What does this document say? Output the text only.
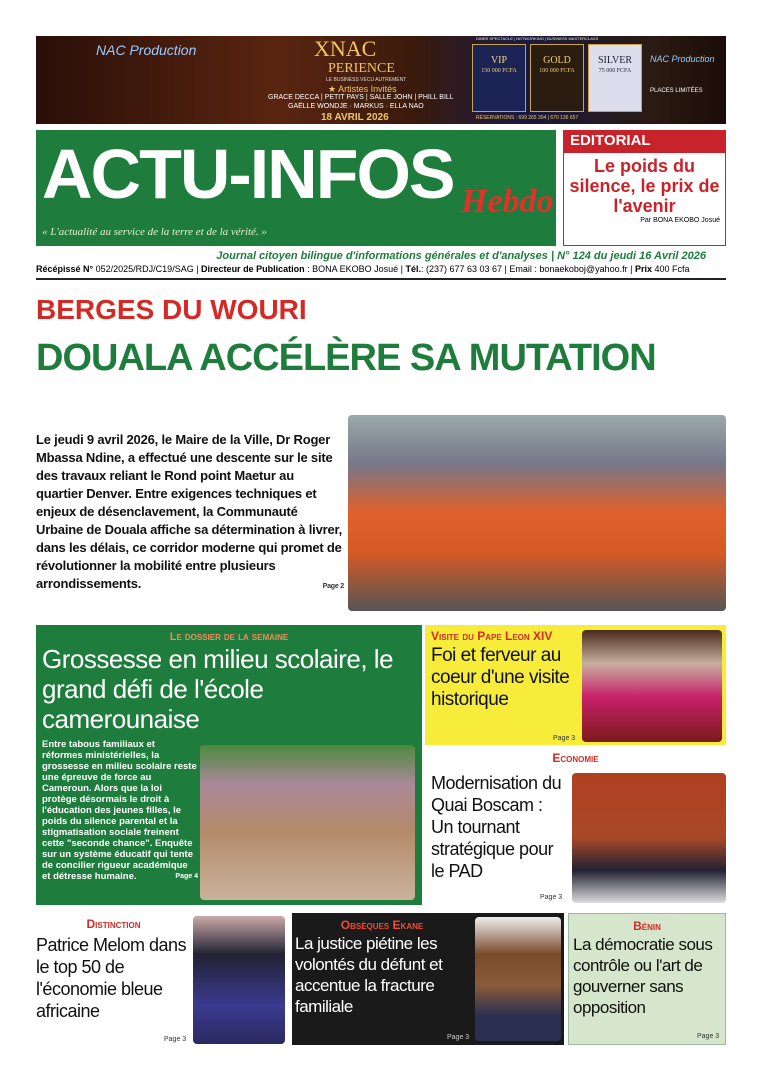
NAC Production	XNAC
PERIENCE
LE BUSINESS VECU AUTREMENT
★ Artistes Invités
GRACE DECCA | PETIT PAYS | SALLE JOHN | PHILL BILL
GAËLLE WONDJE · MARKUS · ELLA NAO
18 AVRIL 2026
DINER SPECTACLE | NETWORKING | BUSINESS MASTERCLASS
VIP
150 000 FCFA
GOLD
100 000 FCFA
SILVER
75 000 FCFA
RÉSERVATIONS : 699 265 304 | 670 136 657
NAC Production
PLACES LIMITÉES
ACTU-INFOS Hebdo
« L'actualité au service de la terre et de la vérité. »
EDITORIAL
Le poids du silence, le prix de l'avenir
Par BONA EKOBO Josué
Journal citoyen bilingue d'informations générales et d'analyses | N° 124 du jeudi 16 Avril 2026
Récépissé N° 052/2025/RDJ/C19/SAG | Directeur de Publication : BONA EKOBO Josué | Tél.: (237) 677 63 03 67 | Email : bonaekoboj@yahoo.fr | Prix 400 Fcfa
BERGES DU WOURI
DOUALA ACCÉLÈRE SA MUTATION
Le jeudi 9 avril 2026, le Maire de la Ville, Dr Roger Mbassa Ndine, a effectué une descente sur le site des travaux reliant le Rond point Maetur au quartier Denver. Entre exigences techniques et enjeux de désenclavement, la Communauté Urbaine de Douala affiche sa détermination à livrer, dans les délais, ce corridor moderne qui promet de révolutionner la mobilité entre plusieurs arrondissements.	Page 2
Le dossier de la semaine
Grossesse en milieu scolaire, le grand défi de l'école camerounaise
Entre tabous familiaux et réformes ministérielles, la grossesse en milieu scolaire reste une épreuve de force au Cameroun. Alors que la loi protège désormais le droit à l'éducation des jeunes filles, le poids du silence parental et la stigmatisation sociale freinent cette "seconde chance". Enquête sur un système éducatif qui tente de concilier rigueur académique et détresse humaine.	Page 4
Visite du Pape Leon XIV
Foi et ferveur au coeur d'une visite historique
Page 3
Economie
Modernisation du Quai Boscam : Un tournant stratégique pour le PAD
Page 3
Distinction
Patrice Melom dans le top 50 de l'économie bleue africaine
Page 3
Obsèques Ekane
La justice piétine les volontés du défunt et accentue la fracture familiale
Page 3
Bénin
La démocratie sous contrôle ou l'art de gouverner sans opposition
Page 3
